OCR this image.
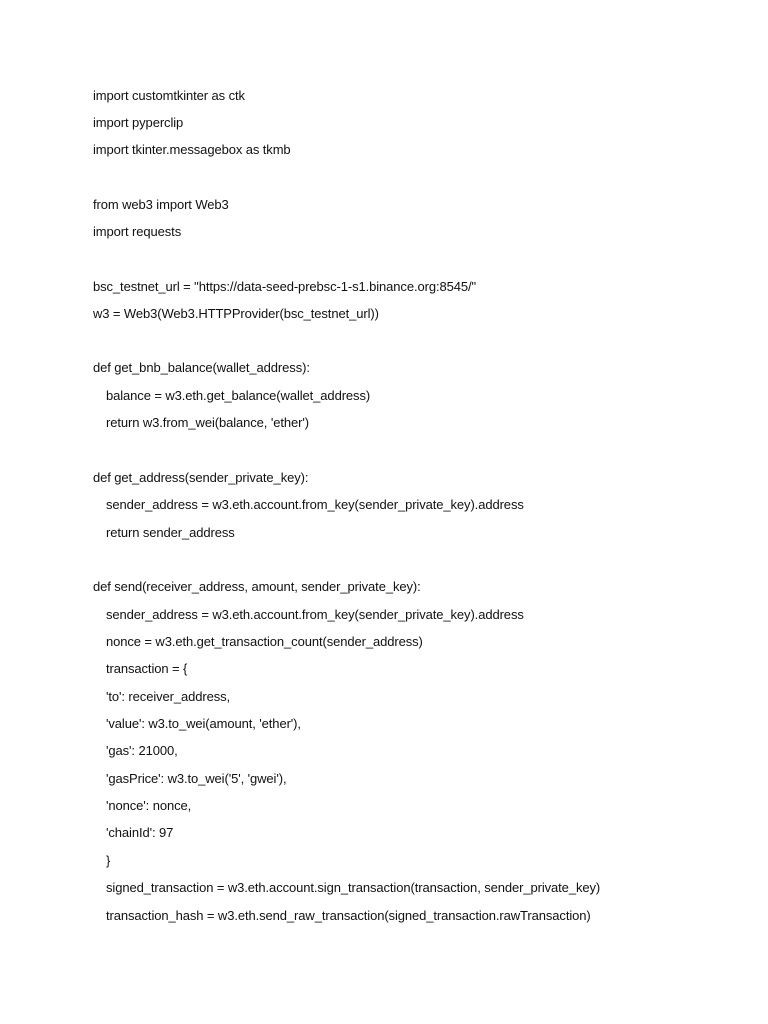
import customtkinter as ctk
import pyperclip
import tkinter.messagebox as tkmb
from web3 import Web3
import requests
bsc_testnet_url = "https://data-seed-prebsc-1-s1.binance.org:8545/"
w3 = Web3(Web3.HTTPProvider(bsc_testnet_url))
def get_bnb_balance(wallet_address):
balance = w3.eth.get_balance(wallet_address)
return w3.from_wei(balance, 'ether')
def get_address(sender_private_key):
sender_address = w3.eth.account.from_key(sender_private_key).address
return sender_address
def send(receiver_address, amount, sender_private_key):
sender_address = w3.eth.account.from_key(sender_private_key).address
nonce = w3.eth.get_transaction_count(sender_address)
transaction = {
'to': receiver_address,
'value': w3.to_wei(amount, 'ether'),
'gas': 21000,
'gasPrice': w3.to_wei('5', 'gwei'),
'nonce': nonce,
'chainId': 97
}
signed_transaction = w3.eth.account.sign_transaction(transaction, sender_private_key)
transaction_hash = w3.eth.send_raw_transaction(signed_transaction.rawTransaction)
